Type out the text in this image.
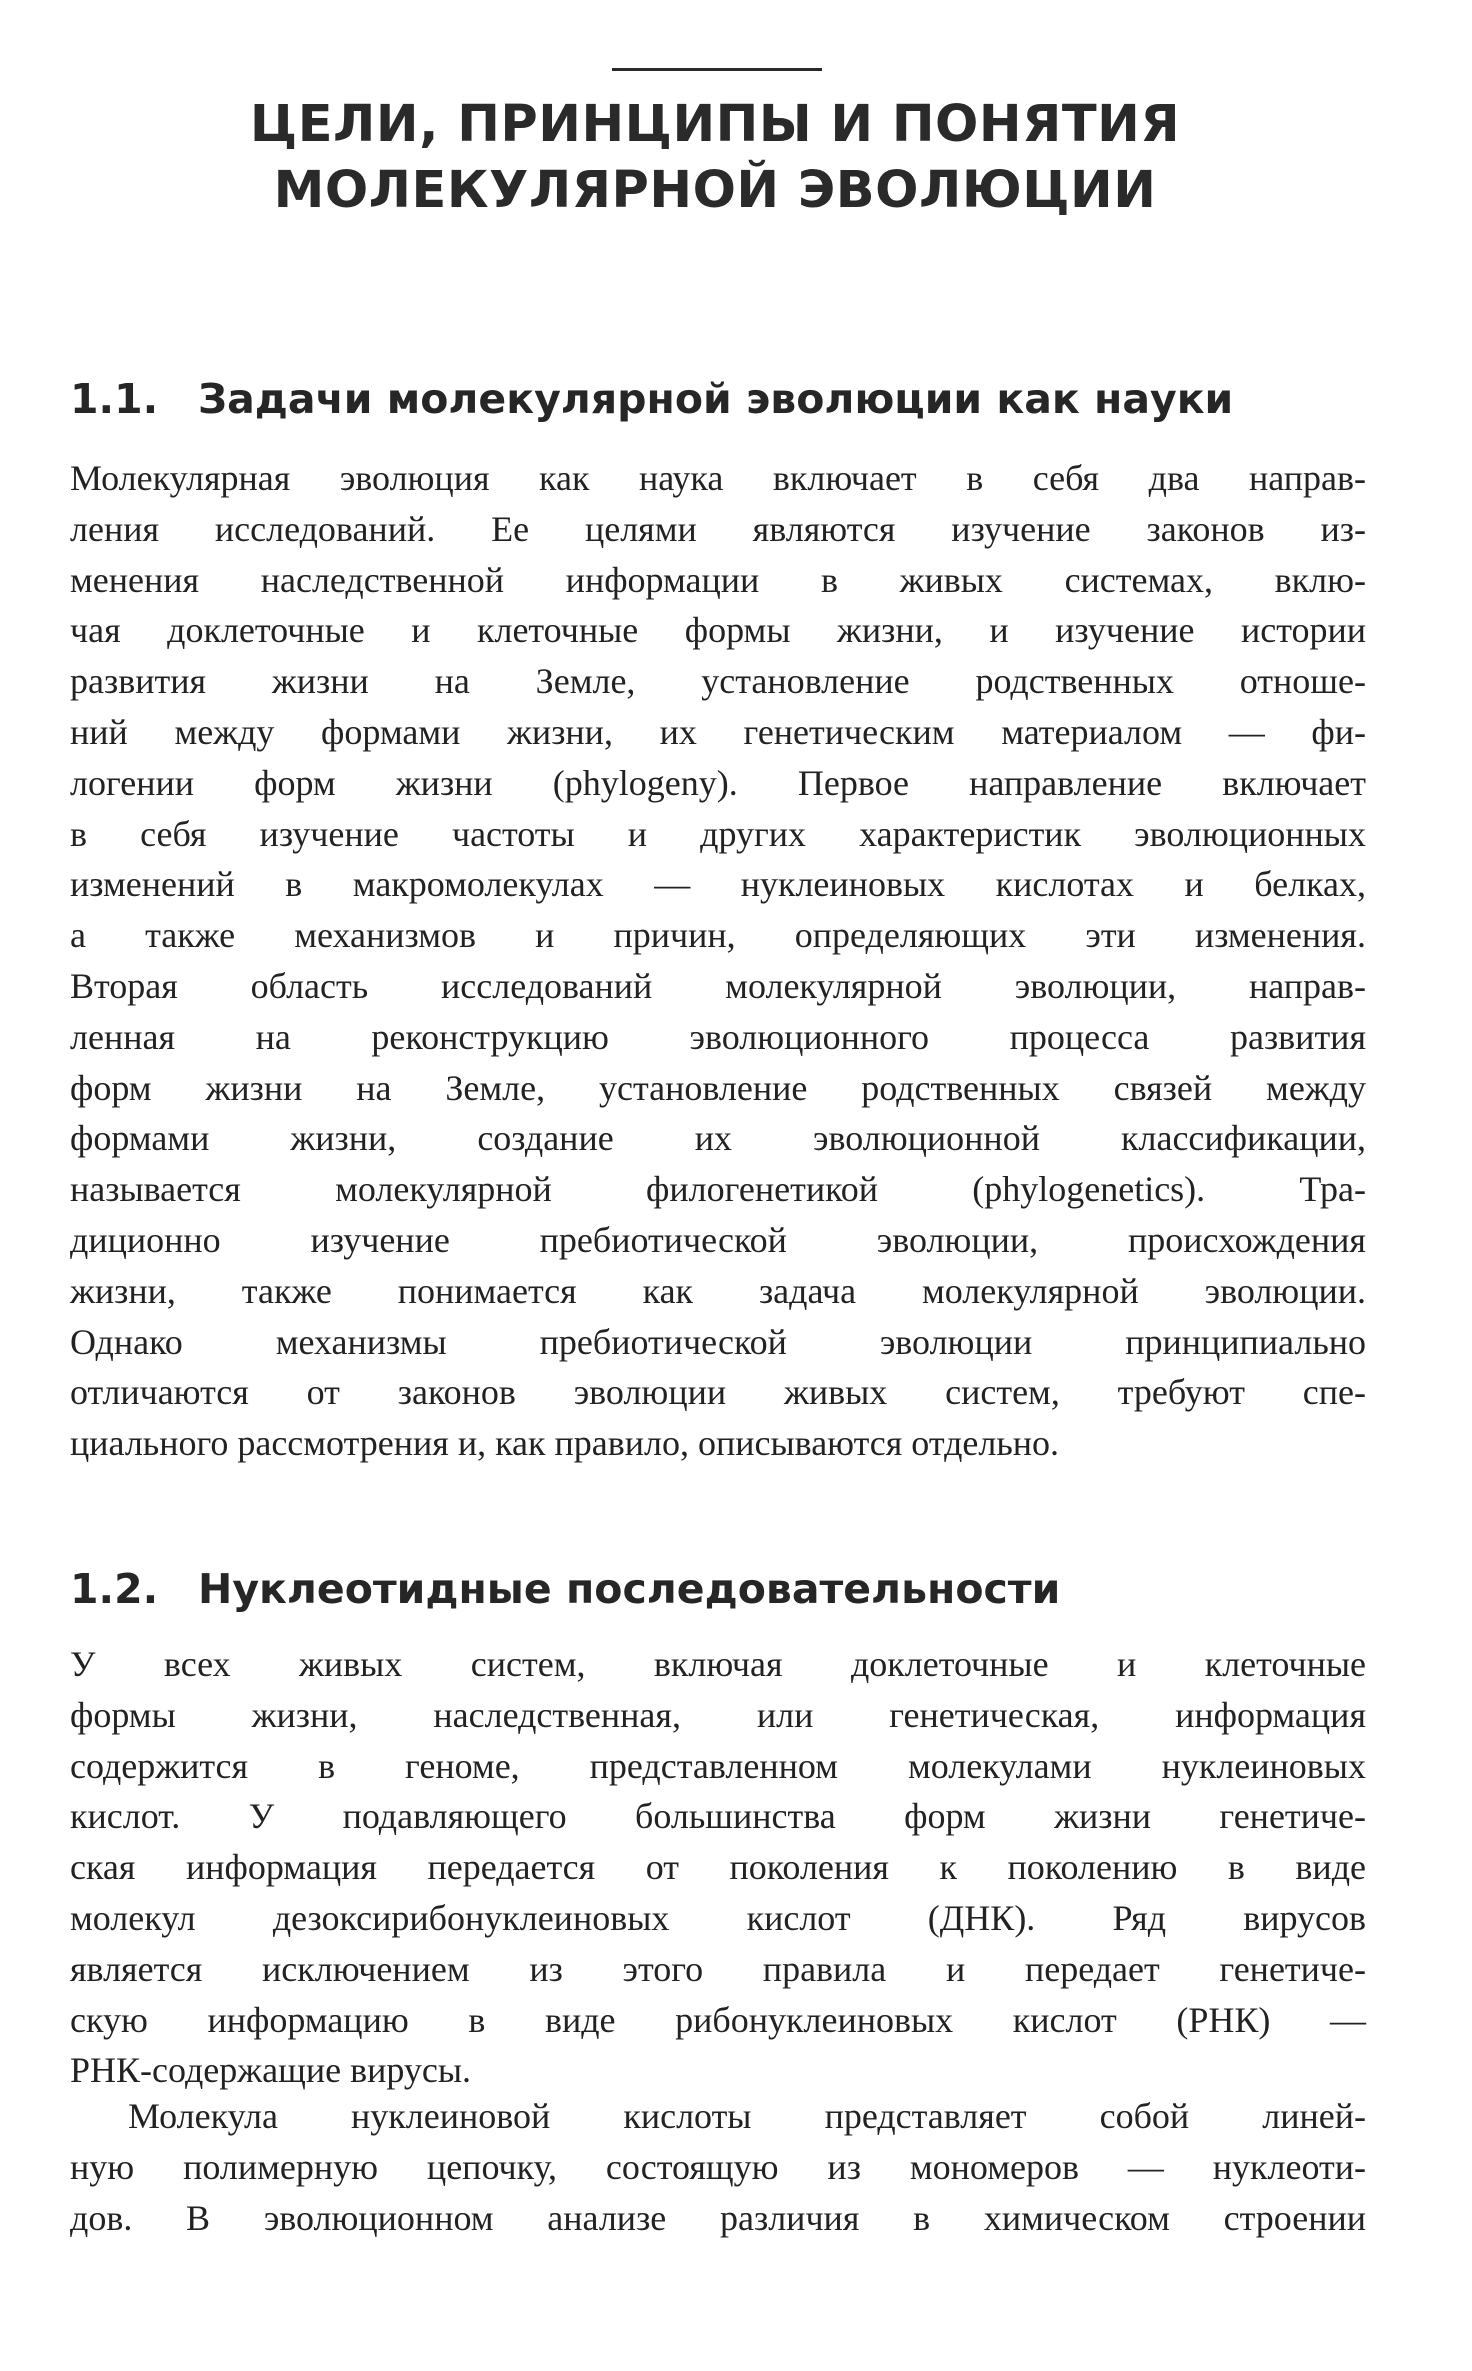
ЦЕЛИ, ПРИНЦИПЫ И ПОНЯТИЯ
МОЛЕКУЛЯРНОЙ ЭВОЛЮЦИИ
1.1. Задачи молекулярной эволюции как науки

Молекулярная эволюция как наука включает в себя два направ-
ления исследований. Ее целями являются изучение законов из-
менения наследственной информации в живых системах, вклю-
чая доклеточные и клеточные формы жизни, и изучение истории
развития жизни на Земле, установление родственных отноше-
ний между формами жизни, их генетическим материалом — фи-
логении форм жизни (phylogeny). Первое направление включает
в себя изучение частоты и других характеристик эволюционных
изменений в макромолекулах — нуклеиновых кислотах и белках,
а также механизмов и причин, определяющих эти изменения.
Вторая область исследований молекулярной эволюции, направ-
ленная на реконструкцию эволюционного процесса развития
форм жизни на Земле, установление родственных связей между
формами жизни, создание их эволюционной классификации,
называется молекулярной филогенетикой (phylogenetics). Тра-
диционно изучение пребиотической эволюции, происхождения
жизни, также понимается как задача молекулярной эволюции.
Однако механизмы пребиотической эволюции принципиально
отличаются от законов эволюции живых систем, требуют спе-
циального рассмотрения и, как правило, описываются отдельно.

1.2. Нуклеотидные последовательности

У всех живых систем, включая доклеточные и клеточные
формы жизни, наследственная, или генетическая, информация
содержится в геноме, представленном молекулами нуклеиновых
кислот. У подавляющего большинства форм жизни генетиче-
ская информация передается от поколения к поколению в виде
молекул дезоксирибонуклеиновых кислот (ДНК). Ряд вирусов
является исключением из этого правила и передает генетиче-
скую информацию в виде рибонуклеиновых кислот (РНК) —
РНК-содержащие вирусы.

Молекула нуклеиновой кислоты представляет собой линей-
ную полимерную цепочку, состоящую из мономеров — нуклеоти-
дов. В эволюционном анализе различия в химическом строении
